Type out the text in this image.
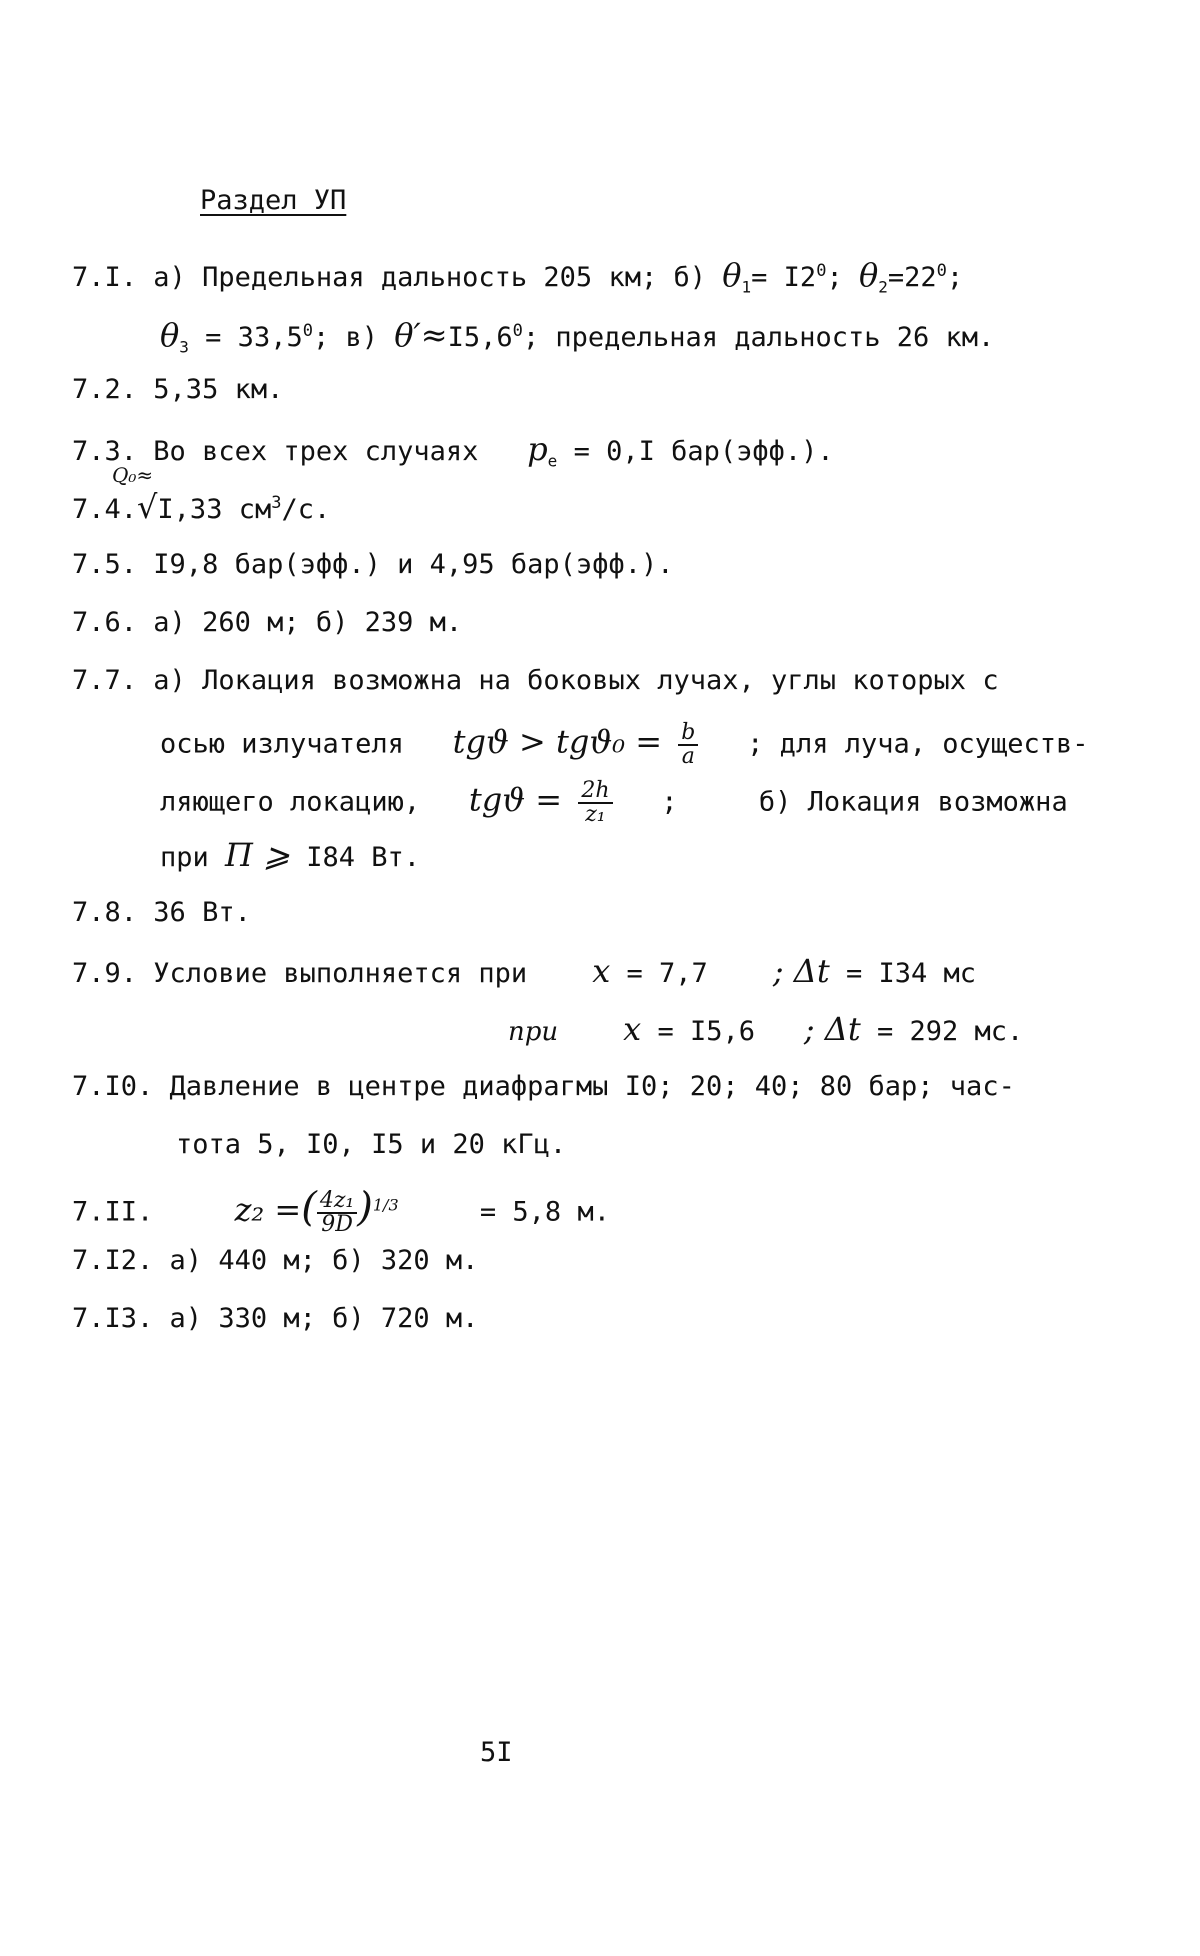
Раздел УП
7.I. а) Предельная дальность 205 км; б) $\theta_1= I2^0$; $\theta_2=22^0$;
$\theta_3 = 33,5^0$; в) $\theta'\approx I5,6^0$; предельная дальность 26 км.
7.2. 5,35 км.
7.3. Во всех трех случаях $p_e = 0,I$ бар(эфф.).
Q₀≈
7.4.√I,33 $см^3/с$.
7.5. I9,8 бар(эфф.) и 4,95 бар(эфф.).
7.6. а) 260 м; б) 239 м.
7.7. а) Локация возможна на боковых лучах, углы которых с
осью излучателя $tgϑ > tgϑ_0 = \frac{b}{a}$ ; для луча, осуществ-
ляющего локацию, $tgϑ = \frac{2h}{\text{z₁}}$ ;	б) Локация возможна
при Π ⩾ I84 Вт.
7.8. 36 Вт.
7.9. Условие выполняется при x = 7,7 ; Δt = I34 мс
при x = I5,6 ; Δt = 292 мс.
7.I0. Давление в центре диафрагмы I0; 20; 40; 80 бар; час-
тота 5, I0, I5 и 20 кГц.
7.II.	z₂ =( $\frac{\text{4z₁}}{9D} )^{1/3}$	= 5,8 м.
7.I2. а) 440 м; б) 320 м.
7.I3. а) 330 м; б) 720 м.
5I
